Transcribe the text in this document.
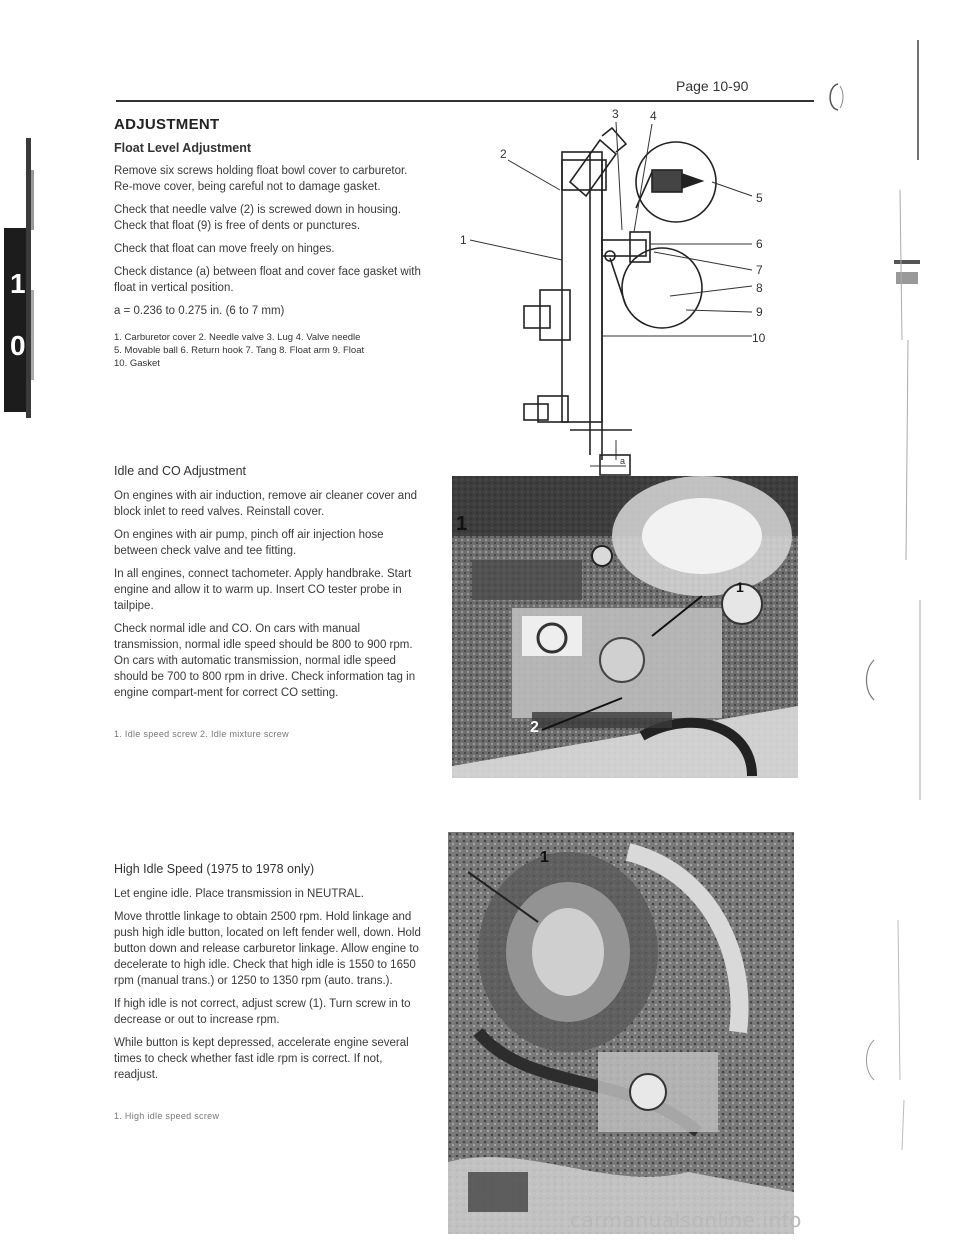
Page 10-90
1
0
ADJUSTMENT
Float Level Adjustment

Remove six screws holding float bowl cover to carburetor. Re-move cover, being careful not to damage gasket.

Check that needle valve (2) is screwed down in housing. Check that float (9) is free of dents or punctures.

Check that float can move freely on hinges.

Check distance (a) between float and cover face gasket with float in vertical position.

a = 0.236 to 0.275 in. (6 to 7 mm)

1. Carburetor cover 2. Needle valve 3. Lug 4. Valve needle
5. Movable ball 6. Return hook 7. Tang 8. Float arm 9. Float
10. Gasket
2
1
3	4
5
6
7
8
9
10
a
Idle and CO Adjustment

On engines with air induction, remove air cleaner cover and block inlet to reed valves. Reinstall cover.

On engines with air pump, pinch off air injection hose between check valve and tee fitting.

In all engines, connect tachometer. Apply handbrake. Start engine and allow it to warm up. Insert CO tester probe in tailpipe.

Check normal idle and CO. On cars with manual transmission, normal idle speed should be 800 to 900 rpm. On cars with automatic transmission, normal idle speed should be 700 to 800 rpm in drive. Check information tag in engine compart-ment for correct CO setting.

1. Idle speed screw 2. Idle mixture screw
1
1
2
High Idle Speed (1975 to 1978 only)

Let engine idle. Place transmission in NEUTRAL.

Move throttle linkage to obtain 2500 rpm. Hold linkage and push high idle button, located on left fender well, down. Hold button down and release carburetor linkage. Allow engine to decelerate to high idle. Check that high idle is 1550 to 1650 rpm (manual trans.) or 1250 to 1350 rpm (auto. trans.).

If high idle is not correct, adjust screw (1). Turn screw in to decrease or out to increase rpm.

While button is kept depressed, accelerate engine several times to check whether fast idle rpm is correct. If not, readjust.

1. High idle speed screw
1
carmanualsonline.info
